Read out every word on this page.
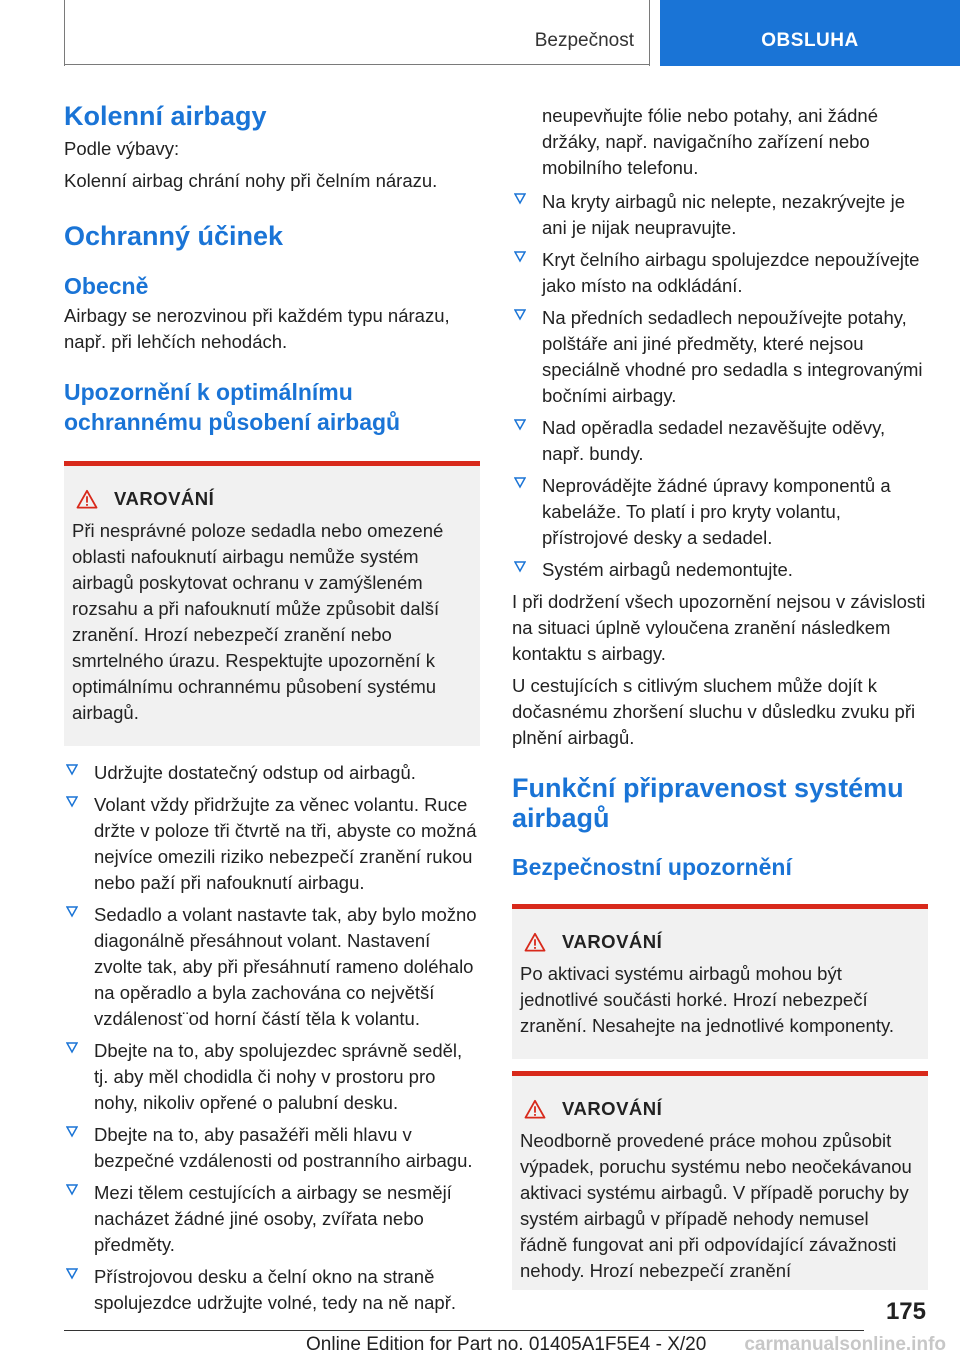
Bezpečnost	OBSLUHA
Kolenní airbagy

Podle výbavy:

Kolenní airbag chrání nohy při čelním nárazu.

Ochranný účinek
Obecně

Airbagy se nerozvinou při každém typu nárazu, např. při lehčích nehodách.

Upozornění k optimálnímu ochrannému působení airbagů
VAROVÁNÍ
Při nesprávné poloze sedadla nebo omezené oblasti nafouknutí airbagu nemůže systém airbagů poskytovat ochranu v zamýšleném rozsahu a při nafouknutí může způsobit další zranění. Hrozí nebezpečí zranění nebo smrtelného úrazu. Respektujte upozornění k optimálnímu ochrannému působení systému airbagů.
Udržujte dostatečný odstup od airbagů.
Volant vždy přidržujte za věnec volantu. Ruce držte v poloze tři čtvrtě na tři, abyste co možná nejvíce omezili riziko nebezpečí zranění rukou nebo paží při nafouknutí airbagu.
Sedadlo a volant nastavte tak, aby bylo možno diagonálně přesáhnout volant. Nastavení zvolte tak, aby při přesáhnutí rameno doléhalo na opěradlo a byla zachována co největší vzdálenost¨od horní částí těla k volantu.
Dbejte na to, aby spolujezdec správně seděl, tj. aby měl chodidla či nohy v prostoru pro nohy, nikoliv opřené o palubní desku.
Dbejte na to, aby pasažéři měli hlavu v bezpečné vzdálenosti od postranního airbagu.
Mezi tělem cestujících a airbagy se nesmějí nacházet žádné jiné osoby, zvířata nebo předměty.
Přístrojovou desku a čelní okno na straně spolujezdce udržujte volné, tedy na ně např.

neupevňujte fólie nebo potahy, ani žádné držáky, např. navigačního zařízení nebo mobilního telefonu.

Na kryty airbagů nic nelepte, nezakrývejte je ani je nijak neupravujte.
Kryt čelního airbagu spolujezdce nepoužívejte jako místo na odkládání.
Na předních sedadlech nepoužívejte potahy, polštáře ani jiné předměty, které nejsou speciálně vhodné pro sedadla s integrovanými bočními airbagy.
Nad opěradla sedadel nezavěšujte oděvy, např. bundy.
Neprovádějte žádné úpravy komponentů a kabeláže. To platí i pro kryty volantu, přístrojové desky a sedadel.
Systém airbagů nedemontujte.

I při dodržení všech upozornění nejsou v závislosti na situaci úplně vyloučena zranění následkem kontaktu s airbagy.

U cestujících s citlivým sluchem může dojít k dočasnému zhoršení sluchu v důsledku zvuku při plnění airbagů.

Funkční připravenost systému airbagů
Bezpečnostní upozornění
VAROVÁNÍ
Po aktivaci systému airbagů mohou být jednotlivé součásti horké. Hrozí nebezpečí zranění. Nesahejte na jednotlivé komponenty.
VAROVÁNÍ
Neodborně provedené práce mohou způsobit výpadek, poruchu systému nebo neočekávanou aktivaci systému airbagů. V případě poruchy by systém airbagů v případě nehody nemusel řádně fungovat ani při odpovídající závažnosti nehody. Hrozí nebezpečí zranění
175
Online Edition for Part no. 01405A1F5E4 - X/20 carmanualsonline.info
